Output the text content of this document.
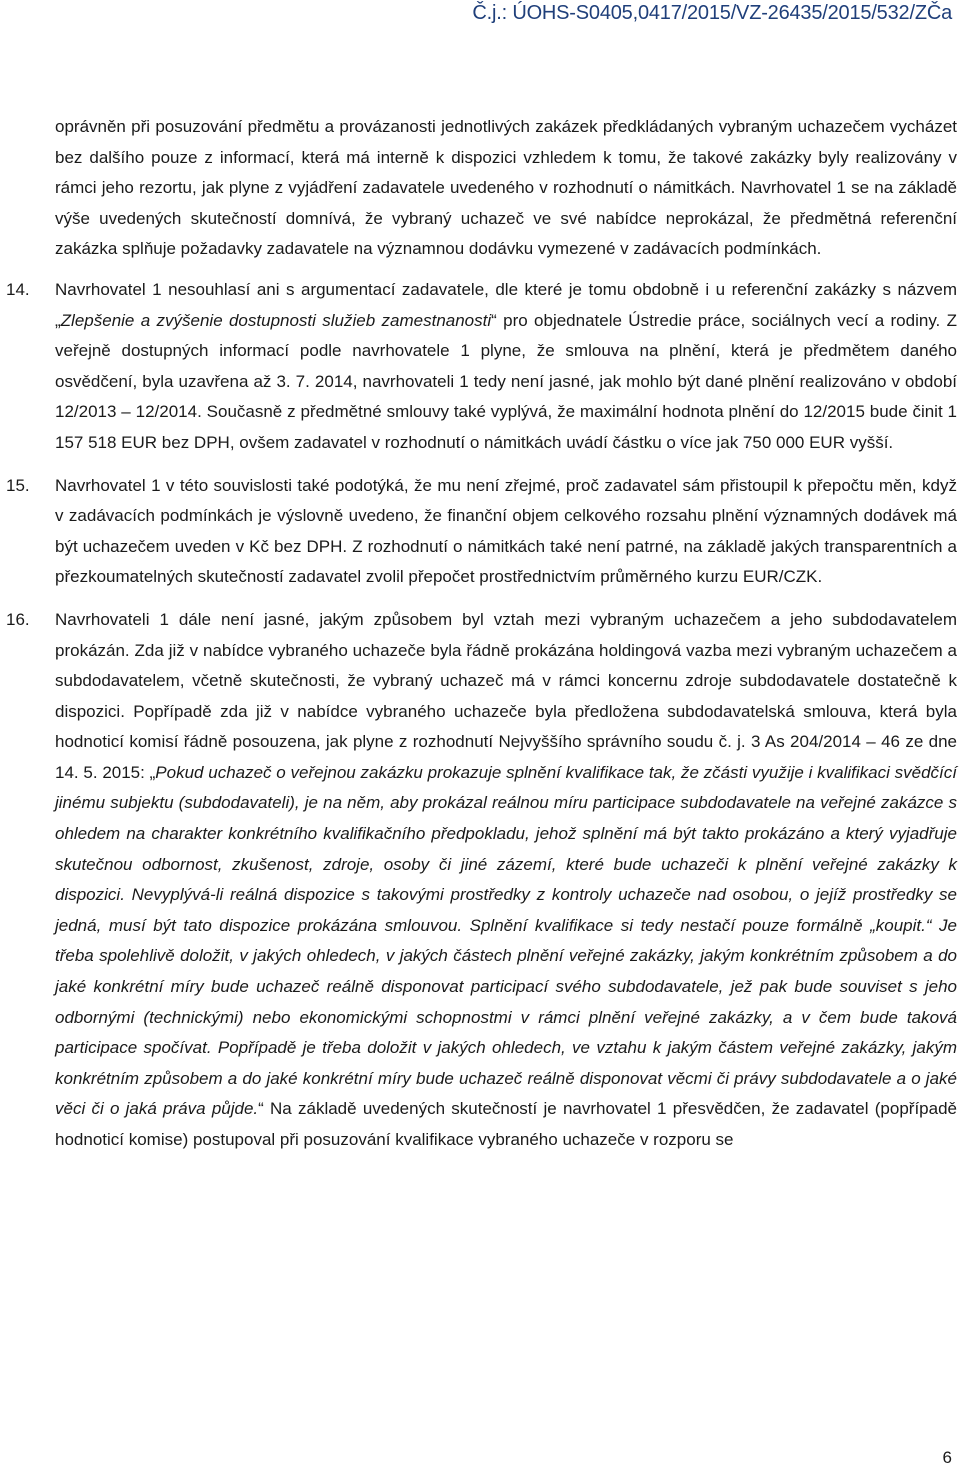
Č.j.: ÚOHS-S0405,0417/2015/VZ-26435/2015/532/ZČa

oprávněn při posuzování předmětu a provázanosti jednotlivých zakázek předkládaných vybraným uchazečem vycházet bez dalšího pouze z informací, která má interně k dispozici vzhledem k tomu, že takové zakázky byly realizovány v rámci jeho rezortu, jak plyne z vyjádření zadavatele uvedeného v rozhodnutí o námitkách. Navrhovatel 1 se na základě výše uvedených skutečností domnívá, že vybraný uchazeč ve své nabídce neprokázal, že předmětná referenční zakázka splňuje požadavky zadavatele na významnou dodávku vymezené v zadávacích podmínkách.

14. Navrhovatel 1 nesouhlasí ani s argumentací zadavatele, dle které je tomu obdobně i u referenční zakázky s názvem „Zlepšenie a zvýšenie dostupnosti služieb zamestnanosti“ pro objednatele Ústredie práce, sociálnych vecí a rodiny. Z veřejně dostupných informací podle navrhovatele 1 plyne, že smlouva na plnění, která je předmětem daného osvědčení, byla uzavřena až 3. 7. 2014, navrhovateli 1 tedy není jasné, jak mohlo být dané plnění realizováno v období 12/2013 – 12/2014. Současně z předmětné smlouvy také vyplývá, že maximální hodnota plnění do 12/2015 bude činit 1 157 518 EUR bez DPH, ovšem zadavatel v rozhodnutí o námitkách uvádí částku o více jak 750 000 EUR vyšší.

15. Navrhovatel 1 v této souvislosti také podotýká, že mu není zřejmé, proč zadavatel sám přistoupil k přepočtu měn, když v zadávacích podmínkách je výslovně uvedeno, že finanční objem celkového rozsahu plnění významných dodávek má být uchazečem uveden v Kč bez DPH. Z rozhodnutí o námitkách také není patrné, na základě jakých transparentních a přezkoumatelných skutečností zadavatel zvolil přepočet prostřednictvím průměrného kurzu EUR/CZK.

16. Navrhovateli 1 dále není jasné, jakým způsobem byl vztah mezi vybraným uchazečem a jeho subdodavatelem prokázán. Zda již v nabídce vybraného uchazeče byla řádně prokázána holdingová vazba mezi vybraným uchazečem a subdodavatelem, včetně skutečnosti, že vybraný uchazeč má v rámci koncernu zdroje subdodavatele dostatečně k dispozici. Popřípadě zda již v nabídce vybraného uchazeče byla předložena subdodavatelská smlouva, která byla hodnoticí komisí řádně posouzena, jak plyne z rozhodnutí Nejvyššího správního soudu č. j. 3 As 204/2014 – 46 ze dne 14. 5. 2015: „Pokud uchazeč o veřejnou zakázku prokazuje splnění kvalifikace tak, že zčásti využije i kvalifikaci svědčící jinému subjektu (subdodavateli), je na něm, aby prokázal reálnou míru participace subdodavatele na veřejné zakázce s ohledem na charakter konkrétního kvalifikačního předpokladu, jehož splnění má být takto prokázáno a který vyjadřuje skutečnou odbornost, zkušenost, zdroje, osoby či jiné zázemí, které bude uchazeči k plnění veřejné zakázky k dispozici. Nevyplývá-li reálná dispozice s takovými prostředky z kontroly uchazeče nad osobou, o jejíž prostředky se jedná, musí být tato dispozice prokázána smlouvou. Splnění kvalifikace si tedy nestačí pouze formálně „koupit.“ Je třeba spolehlivě doložit, v jakých ohledech, v jakých částech plnění veřejné zakázky, jakým konkrétním způsobem a do jaké konkrétní míry bude uchazeč reálně disponovat participací svého subdodavatele, jež pak bude souviset s jeho odbornými (technickými) nebo ekonomickými schopnostmi v rámci plnění veřejné zakázky, a v čem bude taková participace spočívat. Popřípadě je třeba doložit v jakých ohledech, ve vztahu k jakým částem veřejné zakázky, jakým konkrétním způsobem a do jaké konkrétní míry bude uchazeč reálně disponovat věcmi či právy subdodavatele a o jaké věci či o jaká práva půjde.“ Na základě uvedených skutečností je navrhovatel 1 přesvědčen, že zadavatel (popřípadě hodnoticí komise) postupoval při posuzování kvalifikace vybraného uchazeče v rozporu se

6
